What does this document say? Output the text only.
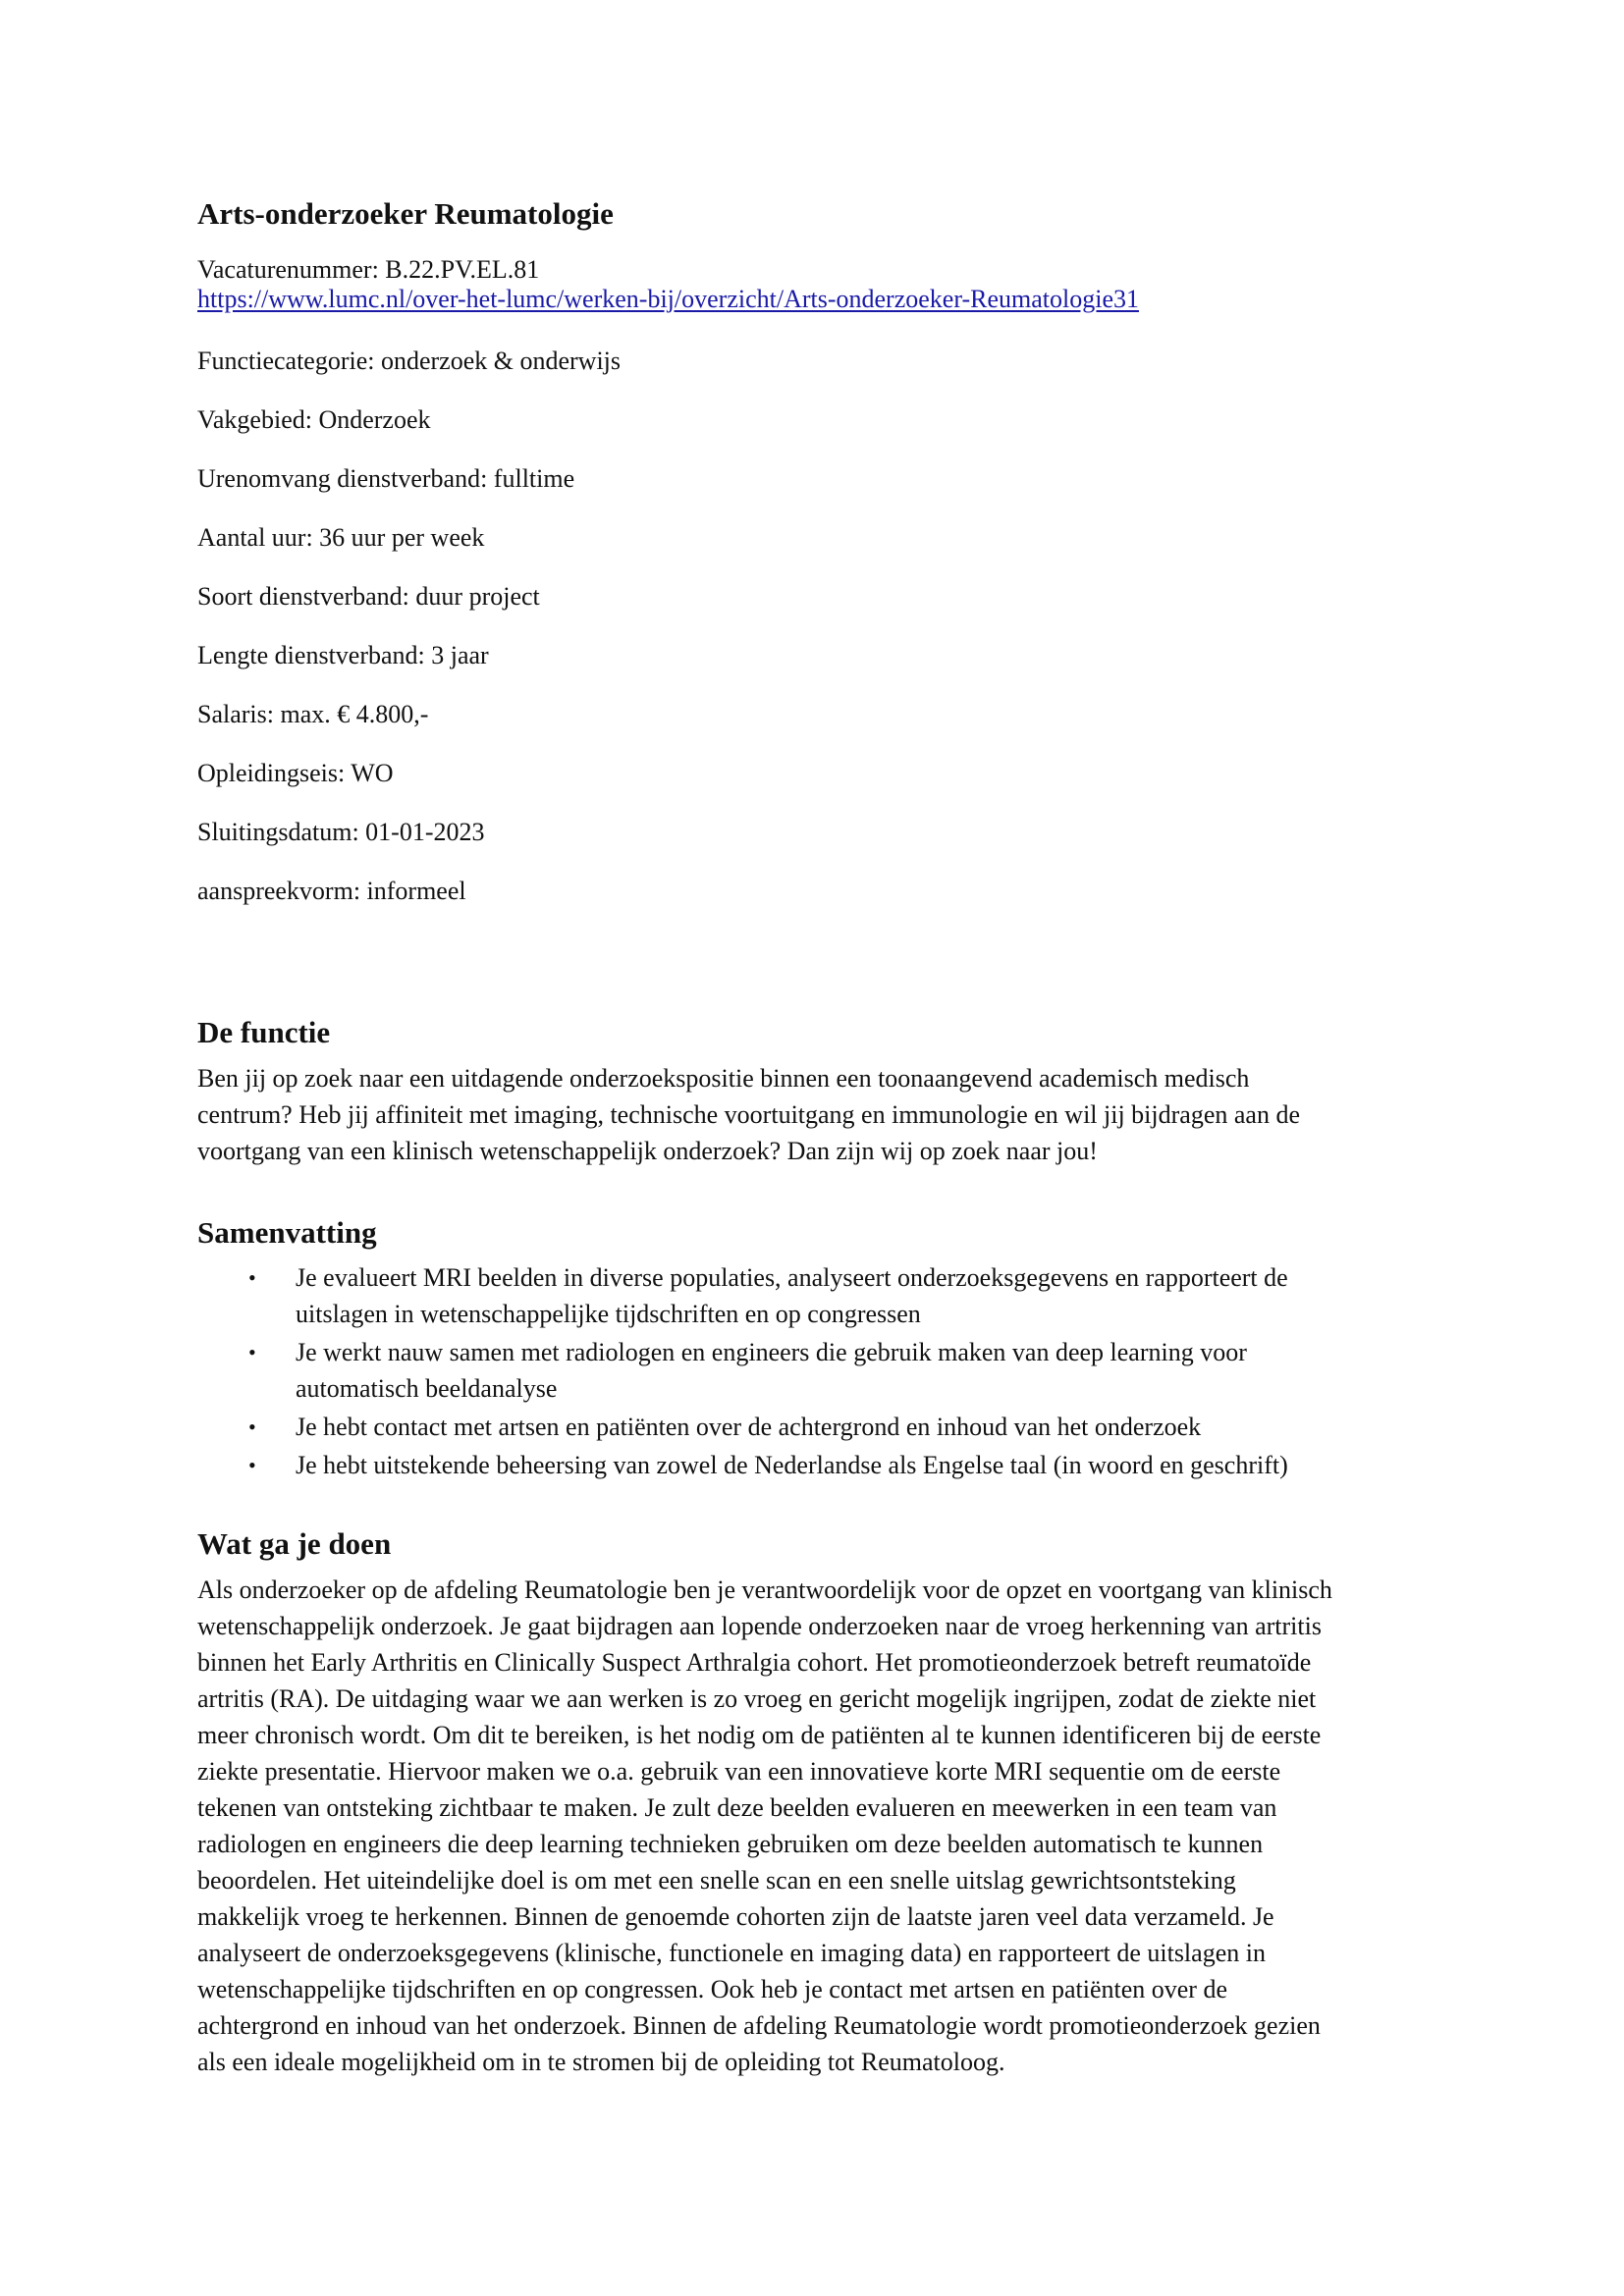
Arts-onderzoeker Reumatologie
Vacaturenummer: B.22.PV.EL.81
https://www.lumc.nl/over-het-lumc/werken-bij/overzicht/Arts-onderzoeker-Reumatologie31
Functiecategorie: onderzoek & onderwijs
Vakgebied: Onderzoek
Urenomvang dienstverband: fulltime
Aantal uur: 36 uur per week
Soort dienstverband: duur project
Lengte dienstverband: 3 jaar
Salaris: max. € 4.800,-
Opleidingseis: WO
Sluitingsdatum: 01-01-2023
aanspreekvorm: informeel
De functie
Ben jij op zoek naar een uitdagende onderzoekspositie binnen een toonaangevend academisch medisch
centrum? Heb jij affiniteit met imaging, technische voortuitgang en immunologie en wil jij bijdragen aan de
voortgang van een klinisch wetenschappelijk onderzoek? Dan zijn wij op zoek naar jou!
Samenvatting
• Je evalueert MRI beelden in diverse populaties, analyseert onderzoeksgegevens en rapporteert de
uitslagen in wetenschappelijke tijdschriften en op congressen
• Je werkt nauw samen met radiologen en engineers die gebruik maken van deep learning voor
automatisch beeldanalyse
• Je hebt contact met artsen en patiënten over de achtergrond en inhoud van het onderzoek
• Je hebt uitstekende beheersing van zowel de Nederlandse als Engelse taal (in woord en geschrift)
Wat ga je doen
Als onderzoeker op de afdeling Reumatologie ben je verantwoordelijk voor de opzet en voortgang van klinisch
wetenschappelijk onderzoek. Je gaat bijdragen aan lopende onderzoeken naar de vroeg herkenning van artritis
binnen het Early Arthritis en Clinically Suspect Arthralgia cohort. Het promotieonderzoek betreft reumatoïde
artritis (RA). De uitdaging waar we aan werken is zo vroeg en gericht mogelijk ingrijpen, zodat de ziekte niet
meer chronisch wordt. Om dit te bereiken, is het nodig om de patiënten al te kunnen identificeren bij de eerste
ziekte presentatie. Hiervoor maken we o.a. gebruik van een innovatieve korte MRI sequentie om de eerste
tekenen van ontsteking zichtbaar te maken. Je zult deze beelden evalueren en meewerken in een team van
radiologen en engineers die deep learning technieken gebruiken om deze beelden automatisch te kunnen
beoordelen. Het uiteindelijke doel is om met een snelle scan en een snelle uitslag gewrichtsontsteking
makkelijk vroeg te herkennen. Binnen de genoemde cohorten zijn de laatste jaren veel data verzameld. Je
analyseert de onderzoeksgegevens (klinische, functionele en imaging data) en rapporteert de uitslagen in
wetenschappelijke tijdschriften en op congressen. Ook heb je contact met artsen en patiënten over de
achtergrond en inhoud van het onderzoek. Binnen de afdeling Reumatologie wordt promotieonderzoek gezien
als een ideale mogelijkheid om in te stromen bij de opleiding tot Reumatoloog.
